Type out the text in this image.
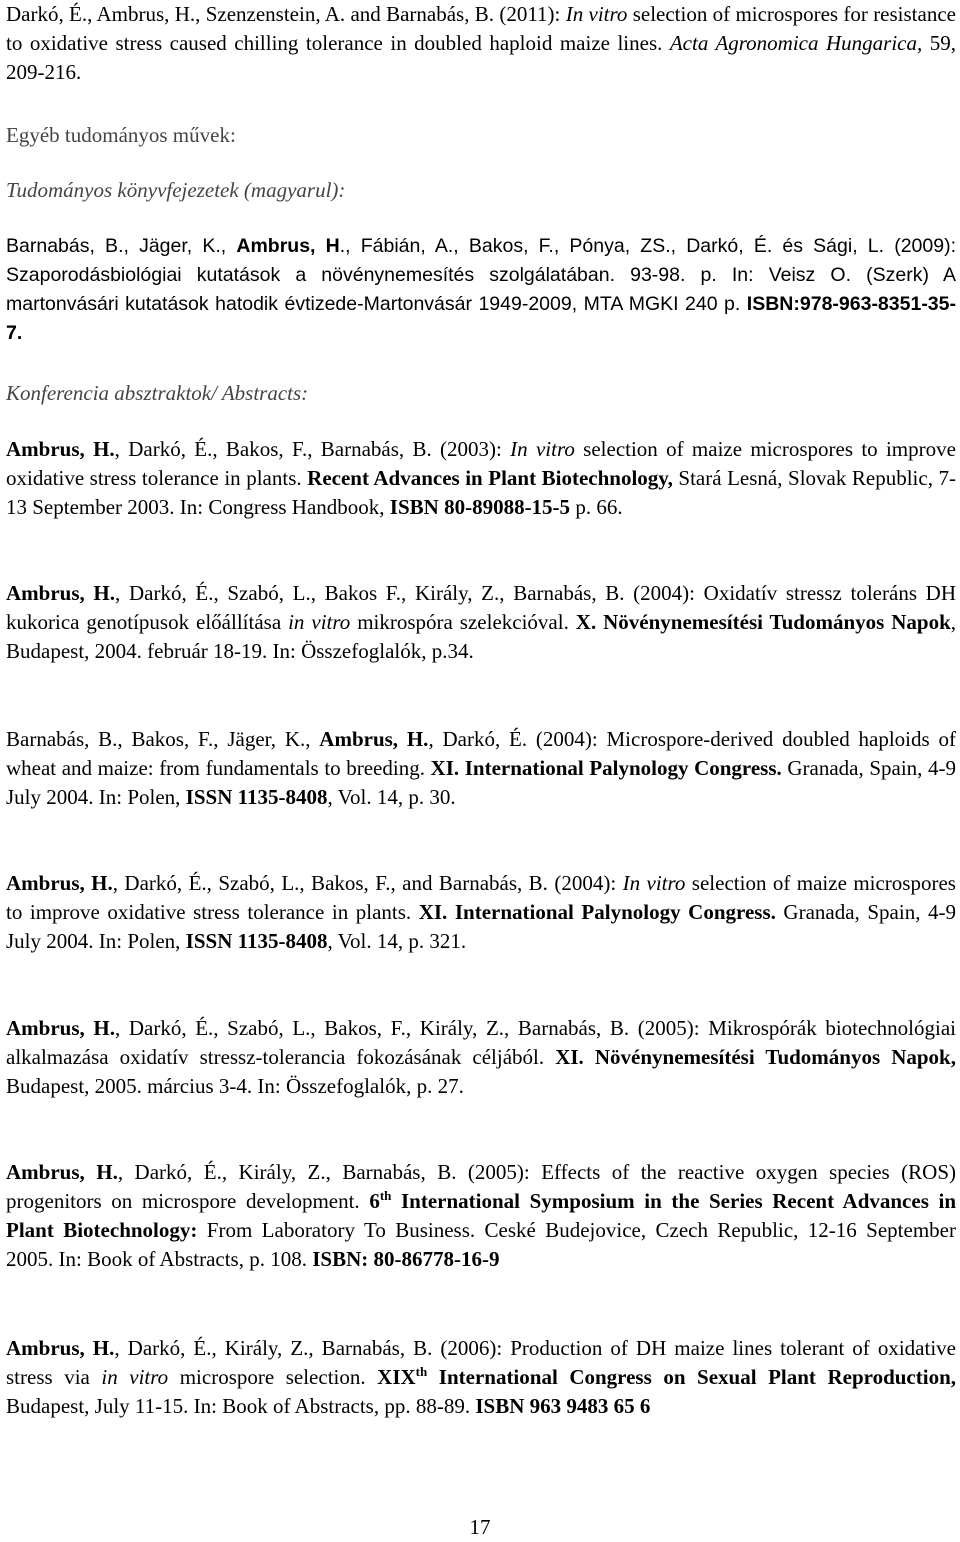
Darkó, É., Ambrus, H., Szenzenstein, A. and Barnabás, B. (2011): In vitro selection of microspores for resistance to oxidative stress caused chilling tolerance in doubled haploid maize lines. Acta Agronomica Hungarica, 59, 209-216.
Egyéb tudományos művek:
Tudományos könyvfejezetek (magyarul):
Barnabás, B., Jäger, K., Ambrus, H., Fábián, A., Bakos, F., Pónya, ZS., Darkó, É. és Sági, L. (2009): Szaporodásbiológiai kutatások a növénynemesítés szolgálatában. 93-98. p. In: Veisz O. (Szerk) A martonvásári kutatások hatodik évtizede-Martonvásár 1949-2009, MTA MGKI 240 p. ISBN:978-963-8351-35-7.
Konferencia absztraktok/ Abstracts:
Ambrus, H., Darkó, É., Bakos, F., Barnabás, B. (2003): In vitro selection of maize microspores to improve oxidative stress tolerance in plants. Recent Advances in Plant Biotechnology, Stará Lesná, Slovak Republic, 7-13 September 2003. In: Congress Handbook, ISBN 80-89088-15-5 p. 66.
Ambrus, H., Darkó, É., Szabó, L., Bakos F., Király, Z., Barnabás, B. (2004): Oxidatív stressz toleráns DH kukorica genotípusok előállítása in vitro mikrospóra szelekcióval. X. Növénynemesítési Tudományos Napok, Budapest, 2004. február 18-19. In: Összefoglalók, p.34.
Barnabás, B., Bakos, F., Jäger, K., Ambrus, H., Darkó, É. (2004): Microspore-derived doubled haploids of wheat and maize: from fundamentals to breeding. XI. International Palynology Congress. Granada, Spain, 4-9 July 2004. In: Polen, ISSN 1135-8408, Vol. 14, p. 30.
Ambrus, H., Darkó, É., Szabó, L., Bakos, F., and Barnabás, B. (2004): In vitro selection of maize microspores to improve oxidative stress tolerance in plants. XI. International Palynology Congress. Granada, Spain, 4-9 July 2004. In: Polen, ISSN 1135-8408, Vol. 14, p. 321.
Ambrus, H., Darkó, É., Szabó, L., Bakos, F., Király, Z., Barnabás, B. (2005): Mikrospórák biotechnológiai alkalmazása oxidatív stressz-tolerancia fokozásának céljából. XI. Növénynemesítési Tudományos Napok, Budapest, 2005. március 3-4. In: Összefoglalók, p. 27.
Ambrus, H., Darkó, É., Király, Z., Barnabás, B. (2005): Effects of the reactive oxygen species (ROS) progenitors on microspore development. 6th International Symposium in the Series Recent Advances in Plant Biotechnology: From Laboratory To Business. Ceské Budejovice, Czech Republic, 12-16 September 2005. In: Book of Abstracts, p. 108. ISBN: 80-86778-16-9
Ambrus, H., Darkó, É., Király, Z., Barnabás, B. (2006): Production of DH maize lines tolerant of oxidative stress via in vitro microspore selection. XIXth International Congress on Sexual Plant Reproduction, Budapest, July 11-15. In: Book of Abstracts, pp. 88-89. ISBN 963 9483 65 6
17
